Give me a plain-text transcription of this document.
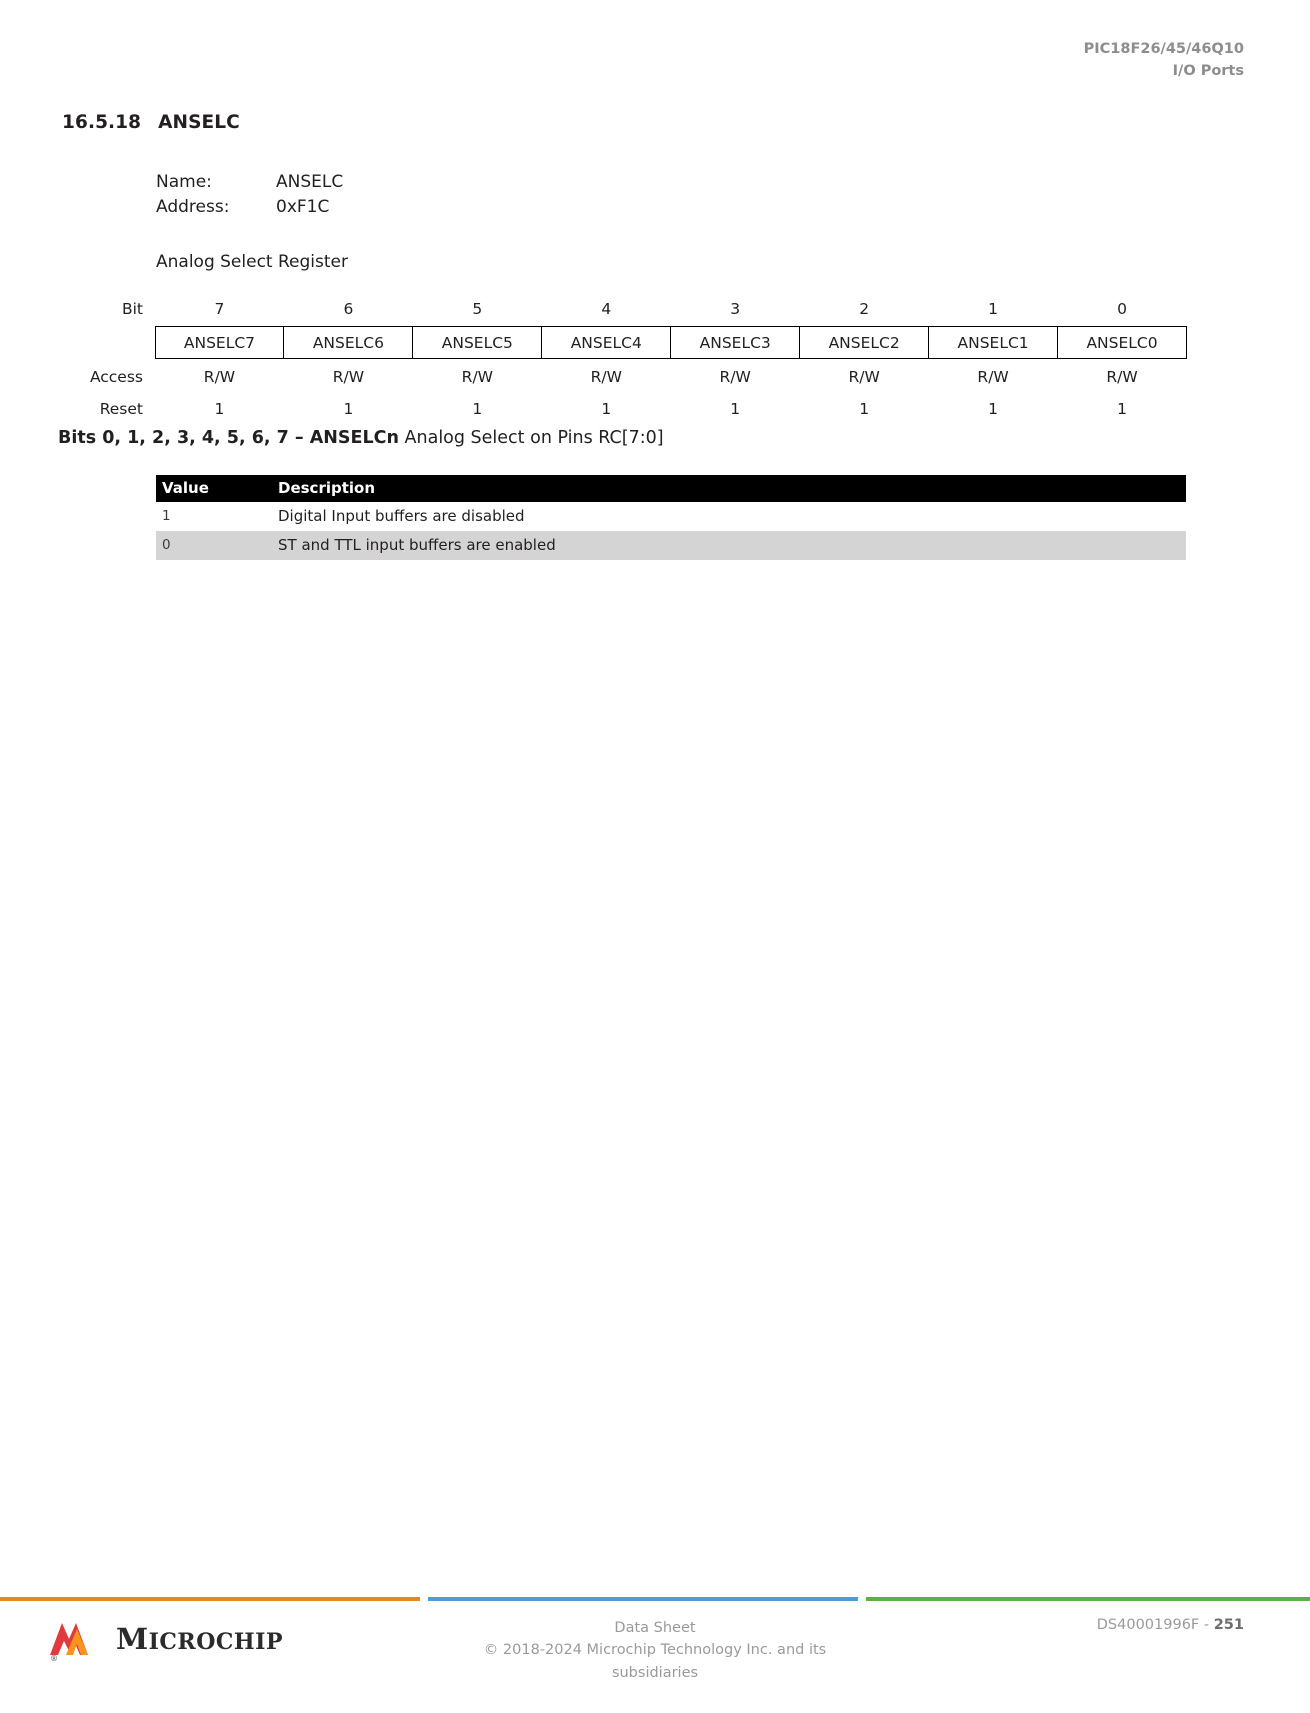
PIC18F26/45/46Q10
I/O Ports
16.5.18 ANSELC
Name:	ANSELC
Address:	0xF1C
Analog Select Register
Bit	7	6	5	4	3	2	1	0
	ANSELC7	ANSELC6	ANSELC5	ANSELC4	ANSELC3	ANSELC2	ANSELC1	ANSELC0
Access	R/W	R/W	R/W	R/W	R/W	R/W	R/W	R/W
Reset	1	1	1	1	1	1	1	1
Bits 0, 1, 2, 3, 4, 5, 6, 7 – ANSELCn Analog Select on Pins RC[7:0]
Value	Description
1	Digital Input buffers are disabled
0	ST and TTL input buffers are enabled
®
MICROCHIP
Data Sheet
© 2018-2024 Microchip Technology Inc. and its
subsidiaries
DS40001996F - 251
